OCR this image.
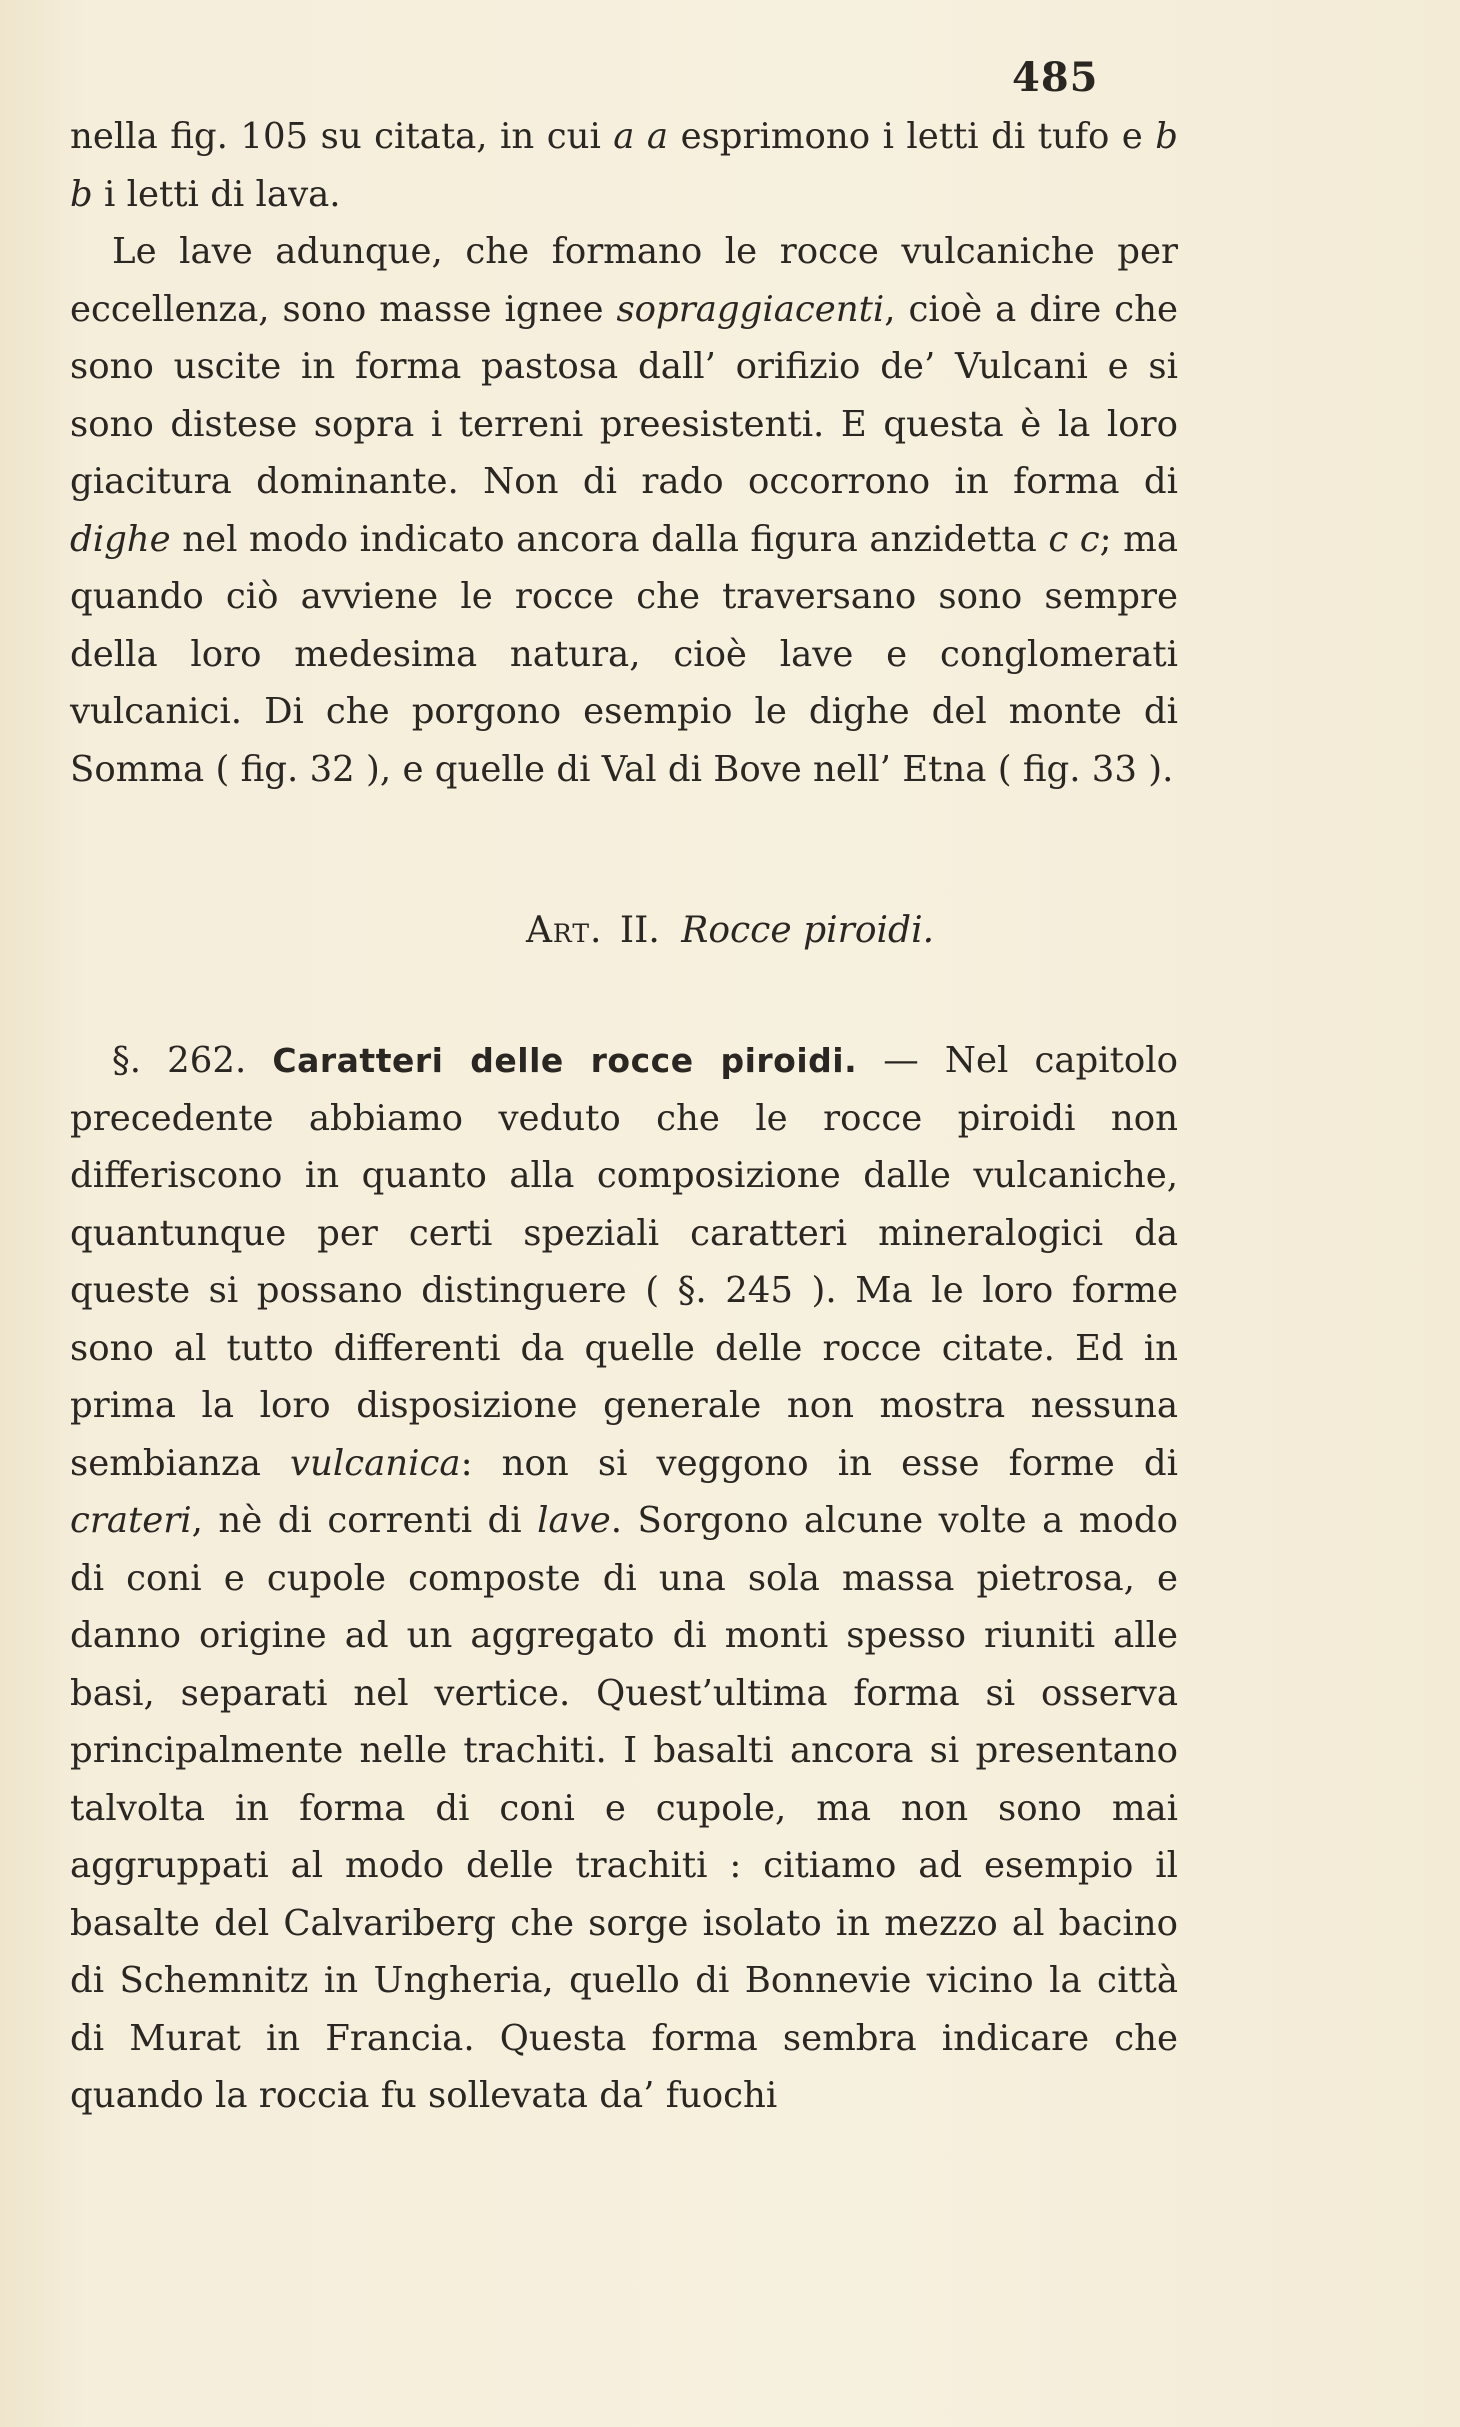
485

nella fig. 105 su citata, in cui a a esprimono i letti di tufo e b b i letti di lava.

Le lave adunque, che formano le rocce vulcaniche per eccellenza, sono masse ignee sopraggiacenti, cioè a dire che sono uscite in forma pastosa dall’ orifizio de’ Vulcani e si sono distese sopra i terreni preesistenti. E questa è la loro giacitura dominante. Non di rado occorrono in forma di dighe nel modo indicato ancora dalla figura anzidetta c c; ma quando ciò avviene le rocce che traversano sono sempre della loro medesima natura, cioè lave e conglomerati vulcanici. Di che porgono esempio le dighe del monte di Somma ( fig. 32 ), e quelle di Val di Bove nell’ Etna ( fig. 33 ).

Art. II. Rocce piroidi.

§. 262. Caratteri delle rocce piroidi. — Nel capitolo precedente abbiamo veduto che le rocce piroidi non differiscono in quanto alla composizione dalle vulcaniche, quantunque per certi speziali caratteri mineralogici da queste si possano distinguere ( §. 245 ). Ma le loro forme sono al tutto differenti da quelle delle rocce citate. Ed in prima la loro disposizione generale non mostra nessuna sembianza vulcanica: non si veggono in esse forme di crateri, nè di correnti di lave. Sorgono alcune volte a modo di coni e cupole composte di una sola massa pietrosa, e danno origine ad un aggregato di monti spesso riuniti alle basi, separati nel vertice. Quest’ultima forma si osserva principalmente nelle trachiti. I basalti ancora si presentano talvolta in forma di coni e cupole, ma non sono mai aggruppati al modo delle trachiti : citiamo ad esempio il basalte del Calvariberg che sorge isolato in mezzo al bacino di Schemnitz in Ungheria, quello di Bonnevie vicino la città di Murat in Francia. Questa forma sembra indicare che quando la roccia fu sollevata da’ fuochi
